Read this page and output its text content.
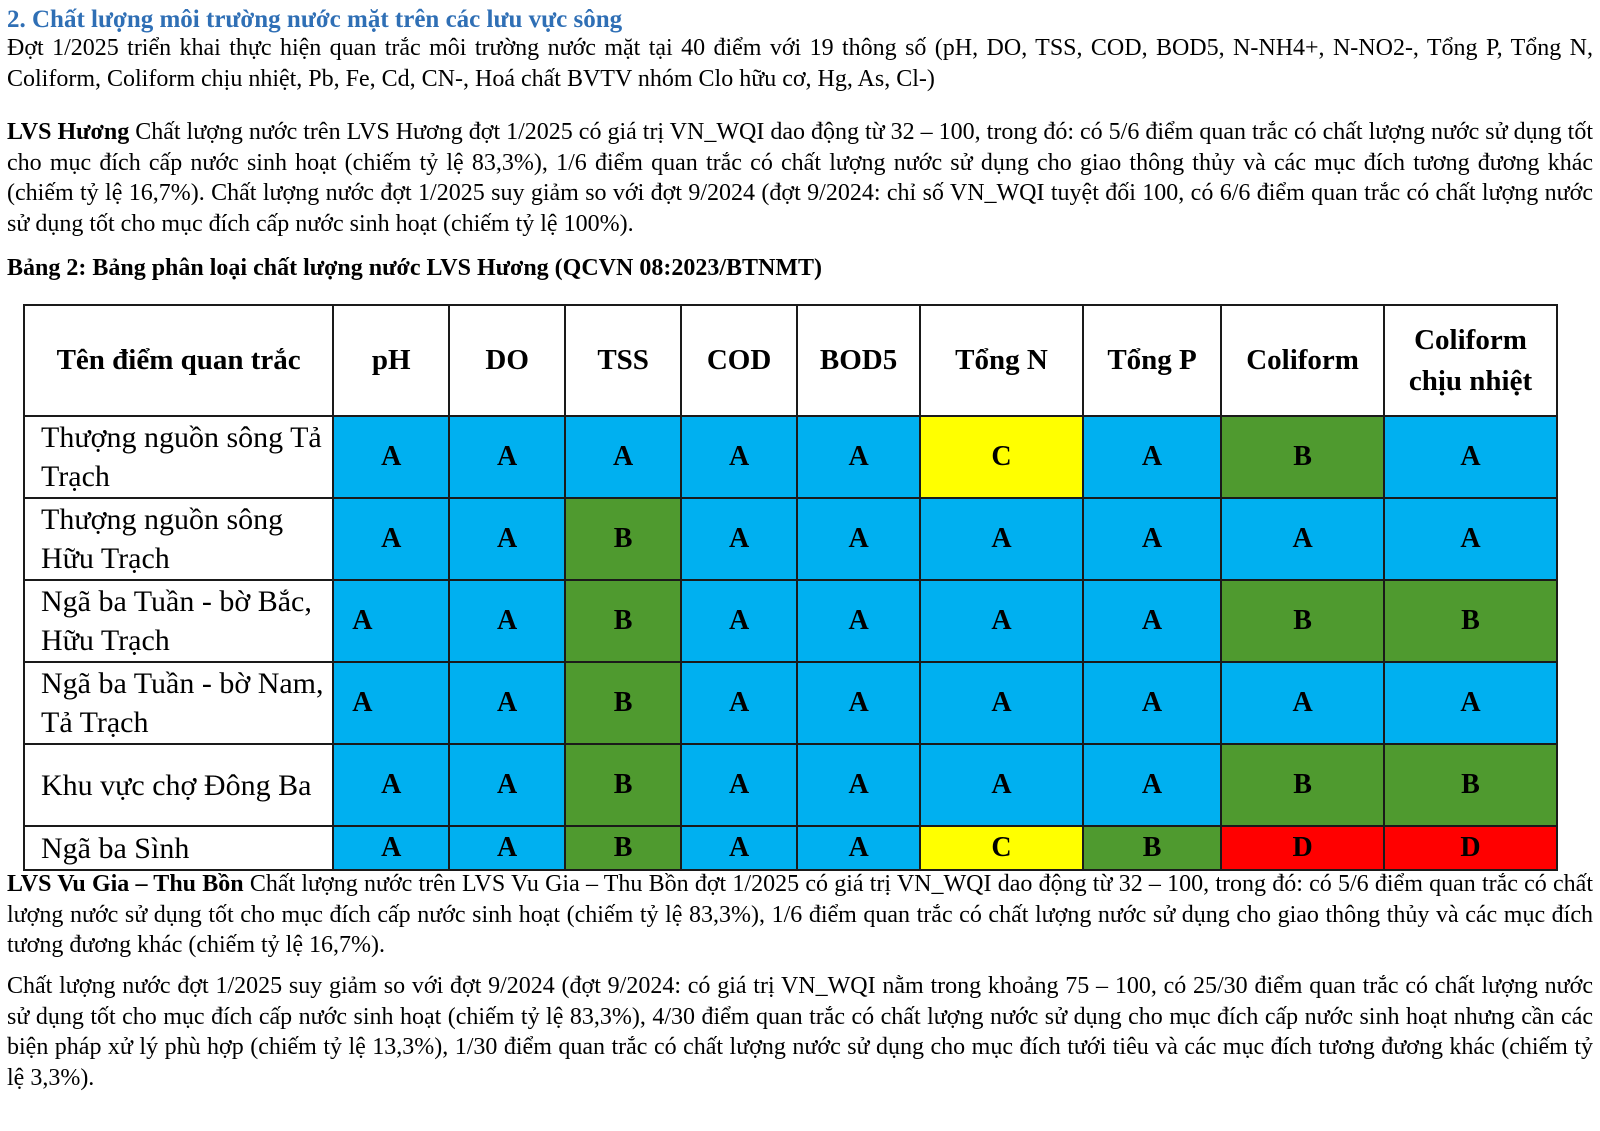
2. Chất lượng môi trường nước mặt trên các lưu vực sông

Đợt 1/2025 triển khai thực hiện quan trắc môi trường nước mặt tại 40 điểm với 19 thông số (pH, DO, TSS, COD, BOD5, N-NH4+, N-NO2-, Tổng P, Tổng N, Coliform, Coliform chịu nhiệt, Pb, Fe, Cd, CN-, Hoá chất BVTV nhóm Clo hữu cơ, Hg, As, Cl-)

LVS Hương Chất lượng nước trên LVS Hương đợt 1/2025 có giá trị VN_WQI dao động từ 32 – 100, trong đó: có 5/6 điểm quan trắc có chất lượng nước sử dụng tốt cho mục đích cấp nước sinh hoạt (chiếm tỷ lệ 83,3%), 1/6 điểm quan trắc có chất lượng nước sử dụng cho giao thông thủy và các mục đích tương đương khác (chiếm tỷ lệ 16,7%). Chất lượng nước đợt 1/2025 suy giảm so với đợt 9/2024 (đợt 9/2024: chỉ số VN_WQI tuyệt đối 100, có 6/6 điểm quan trắc có chất lượng nước sử dụng tốt cho mục đích cấp nước sinh hoạt (chiếm tỷ lệ 100%).

Bảng 2: Bảng phân loại chất lượng nước LVS Hương (QCVN 08:2023/BTNMT)
Tên điểm quan trắc	pH	DO	TSS	COD	BOD5	Tổng N	Tổng P	Coliform	Coliform chịu nhiệt
Thượng nguồn sông Tả Trạch	A	A	A	A	A	C	A	B	A
Thượng nguồn sông Hữu Trạch	A	A	B	A	A	A	A	A	A
Ngã ba Tuần - bờ Bắc, Hữu Trạch	A	A	B	A	A	A	A	B	B
Ngã ba Tuần - bờ Nam, Tả Trạch	A	A	B	A	A	A	A	A	A
Khu vực chợ Đông Ba	A	A	B	A	A	A	A	B	B
Ngã ba Sình	A	A	B	A	A	C	B	D	D

LVS Vu Gia – Thu Bồn Chất lượng nước trên LVS Vu Gia – Thu Bồn đợt 1/2025 có giá trị VN_WQI dao động từ 32 – 100, trong đó: có 5/6 điểm quan trắc có chất lượng nước sử dụng tốt cho mục đích cấp nước sinh hoạt (chiếm tỷ lệ 83,3%), 1/6 điểm quan trắc có chất lượng nước sử dụng cho giao thông thủy và các mục đích tương đương khác (chiếm tỷ lệ 16,7%).

Chất lượng nước đợt 1/2025 suy giảm so với đợt 9/2024 (đợt 9/2024: có giá trị VN_WQI nằm trong khoảng 75 – 100, có 25/30 điểm quan trắc có chất lượng nước sử dụng tốt cho mục đích cấp nước sinh hoạt (chiếm tỷ lệ 83,3%), 4/30 điểm quan trắc có chất lượng nước sử dụng cho mục đích cấp nước sinh hoạt nhưng cần các biện pháp xử lý phù hợp (chiếm tỷ lệ 13,3%), 1/30 điểm quan trắc có chất lượng nước sử dụng cho mục đích tưới tiêu và các mục đích tương đương khác (chiếm tỷ lệ 3,3%).
